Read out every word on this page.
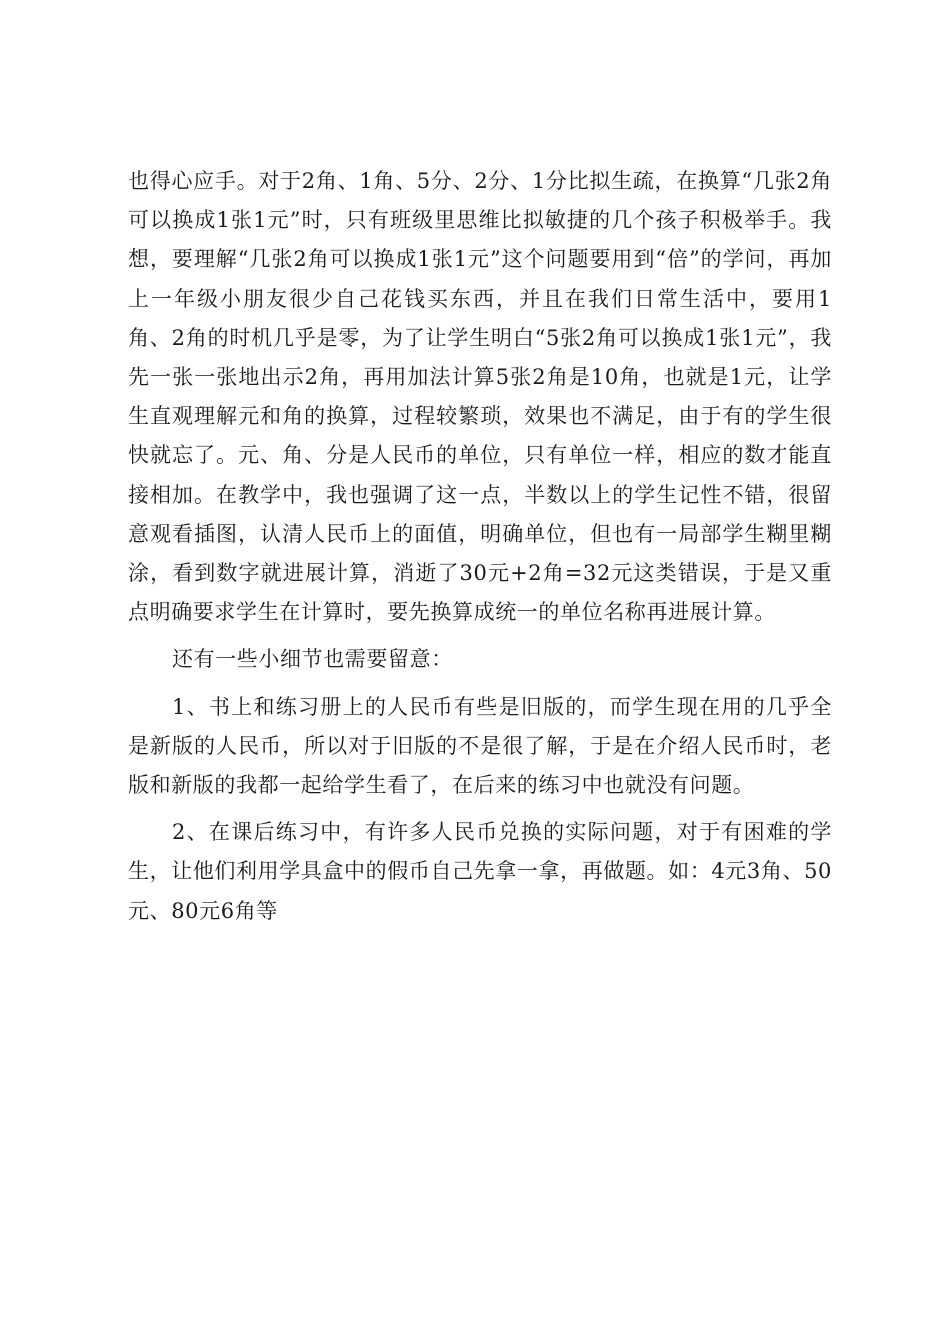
也得心应手。对于2角、1角、5分、2分、1分比拟生疏，在换算“几张2角可以换成1张1元”时，只有班级里思维比拟敏捷的几个孩子积极举手。我想，要理解“几张2角可以换成1张1元”这个问题要用到“倍”的学问，再加上一年级小朋友很少自己花钱买东西，并且在我们日常生活中，要用1角、2角的时机几乎是零，为了让学生明白“5张2角可以换成1张1元”，我先一张一张地出示2角，再用加法计算5张2角是10角，也就是1元，让学生直观理解元和角的换算，过程较繁琐，效果也不满足，由于有的学生很快就忘了。元、角、分是人民币的单位，只有单位一样，相应的数才能直接相加。在教学中，我也强调了这一点，半数以上的学生记性不错，很留意观看插图，认清人民币上的面值，明确单位，但也有一局部学生糊里糊涂，看到数字就进展计算，消逝了30元+2角=32元这类错误，于是又重点明确要求学生在计算时，要先换算成统一的单位名称再进展计算。

还有一些小细节也需要留意：

1、书上和练习册上的人民币有些是旧版的，而学生现在用的几乎全是新版的人民币，所以对于旧版的不是很了解，于是在介绍人民币时，老版和新版的我都一起给学生看了，在后来的练习中也就没有问题。

2、在课后练习中，有许多人民币兑换的实际问题，对于有困难的学生，让他们利用学具盒中的假币自己先拿一拿，再做题。如：4元3角、50元、80元6角等
